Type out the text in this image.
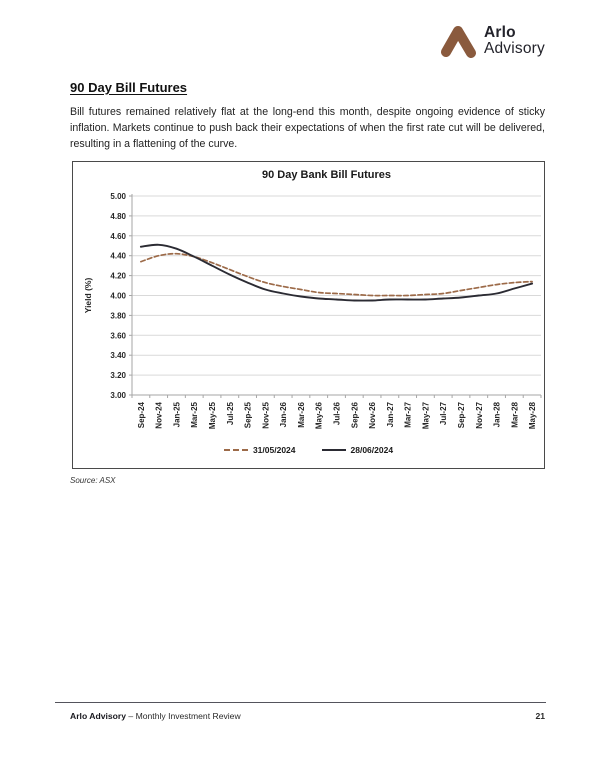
Arlo
Advisory
90 Day Bill Futures

Bill futures remained relatively flat at the long-end this month, despite ongoing evidence of sticky inflation. Markets continue to push back their expectations of when the first rate cut will be delivered, resulting in a flattening of the curve.

90 Day Bank Bill Futures
5.00
4.80
4.60
4.40
4.20
4.00
3.80
3.60
3.40
3.20
3.00
Sep-24 Nov-24 Jan-25 Mar-25 May-25 Jul-25 Sep-25 Nov-25 Jan-26 Mar-26 May-26 Jul-26 Sep-26 Nov-26 Jan-27 Mar-27 May-27 Jul-27 Sep-27 Nov-27 Jan-28 Mar-28 May-28
Yield (%)
31/05/2024	28/06/2024
Source: ASX
Arlo Advisory – Monthly Investment Review	21
